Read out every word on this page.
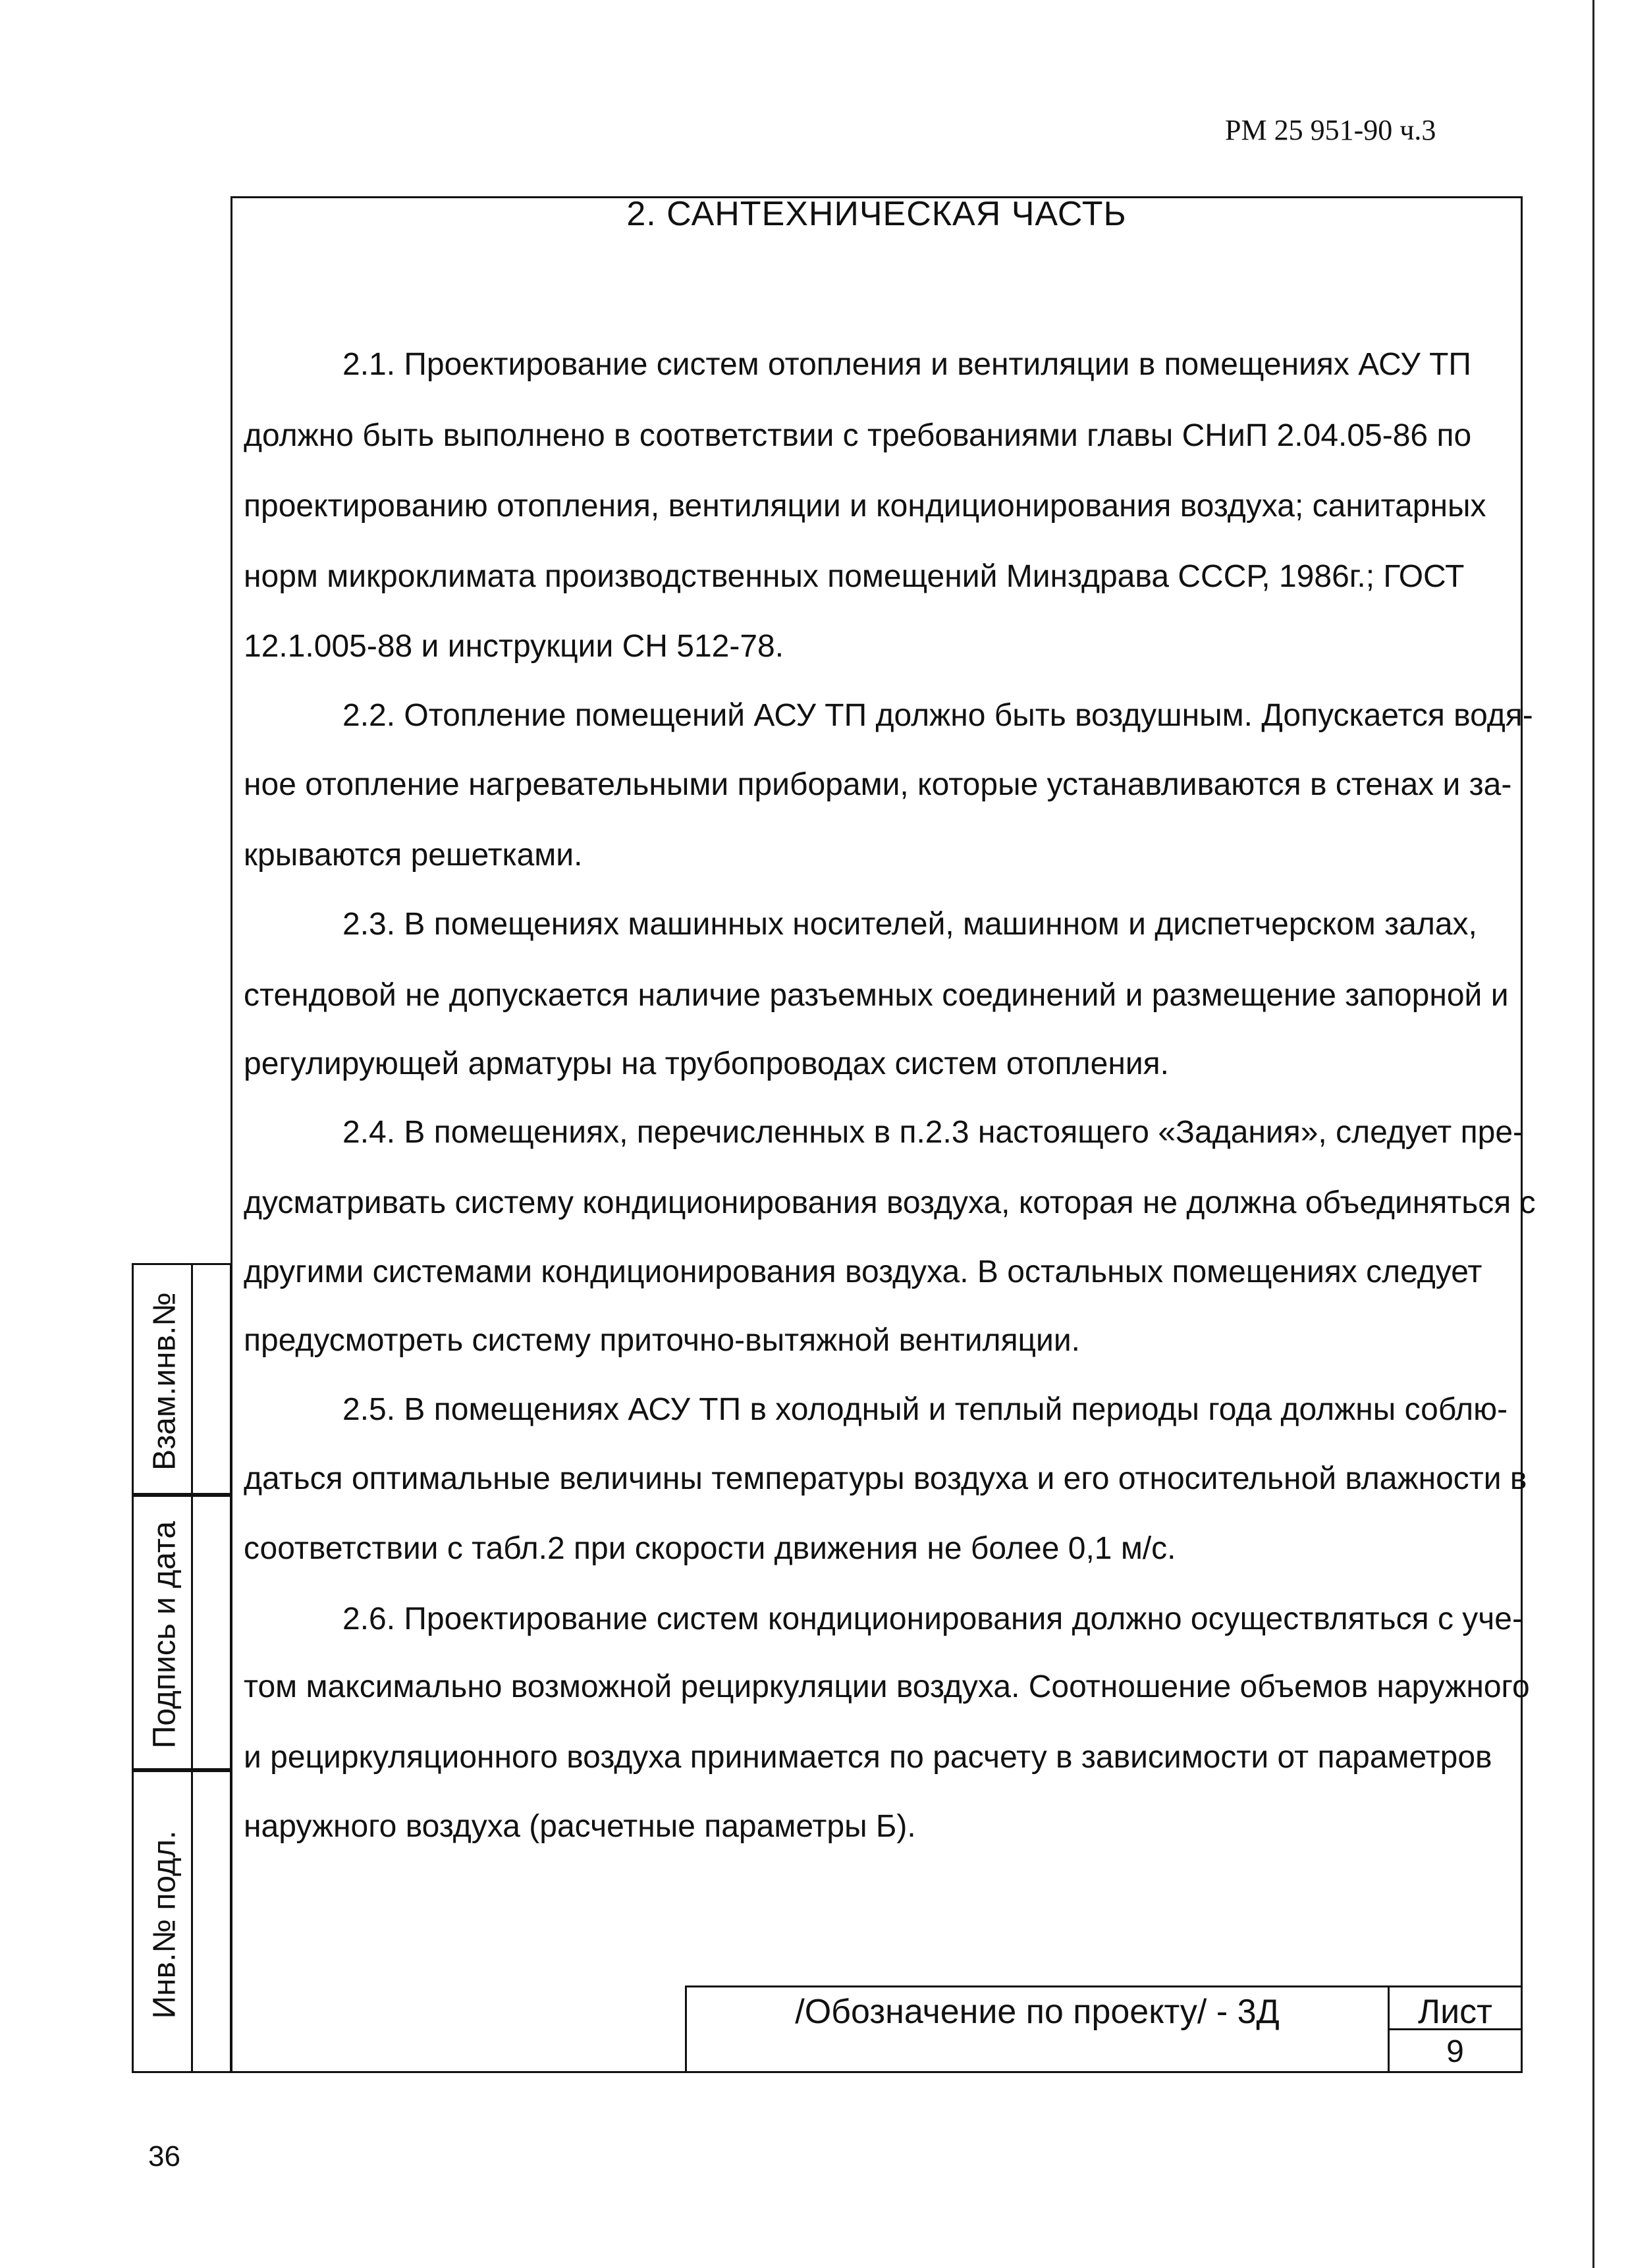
РМ 25 951-90 ч.3
2. САНТЕХНИЧЕСКАЯ ЧАСТЬ
2.1. Проектирование систем отопления и вентиляции в помещениях АСУ ТП
должно быть выполнено в соответствии с требованиями главы СНиП 2.04.05-86 по
проектированию отопления, вентиляции и кондиционирования воздуха; санитарных
норм микроклимата производственных помещений Минздрава СССР, 1986г.; ГОСТ
12.1.005-88 и инструкции СН 512-78.
2.2. Отопление помещений АСУ ТП должно быть воздушным. Допускается водя-
ное отопление нагревательными приборами, которые устанавливаются в стенах и за-
крываются решетками.
2.3. В помещениях машинных носителей, машинном и диспетчерском залах,
стендовой не допускается наличие разъемных соединений и размещение запорной и
регулирующей арматуры на трубопроводах систем отопления.
2.4. В помещениях, перечисленных в п.2.3 настоящего «Задания», следует пре-
дусматривать систему кондиционирования воздуха, которая не должна объединяться с
другими системами кондиционирования воздуха. В остальных помещениях следует
предусмотреть систему приточно-вытяжной вентиляции.
2.5. В помещениях АСУ ТП в холодный и теплый периоды года должны соблю-
даться оптимальные величины температуры воздуха и его относительной влажности в
соответствии с табл.2 при скорости движения не более 0,1 м/с.
2.6. Проектирование систем кондиционирования должно осуществляться с уче-
том максимально возможной рециркуляции воздуха. Соотношение объемов наружного
и рециркуляционного воздуха принимается по расчету в зависимости от параметров
наружного воздуха (расчетные параметры Б).
Взам.инв.№
Подпись и дата
Инв.№ подл.	/Обозначение по проекту/ - 3Д	Лист
9
36
